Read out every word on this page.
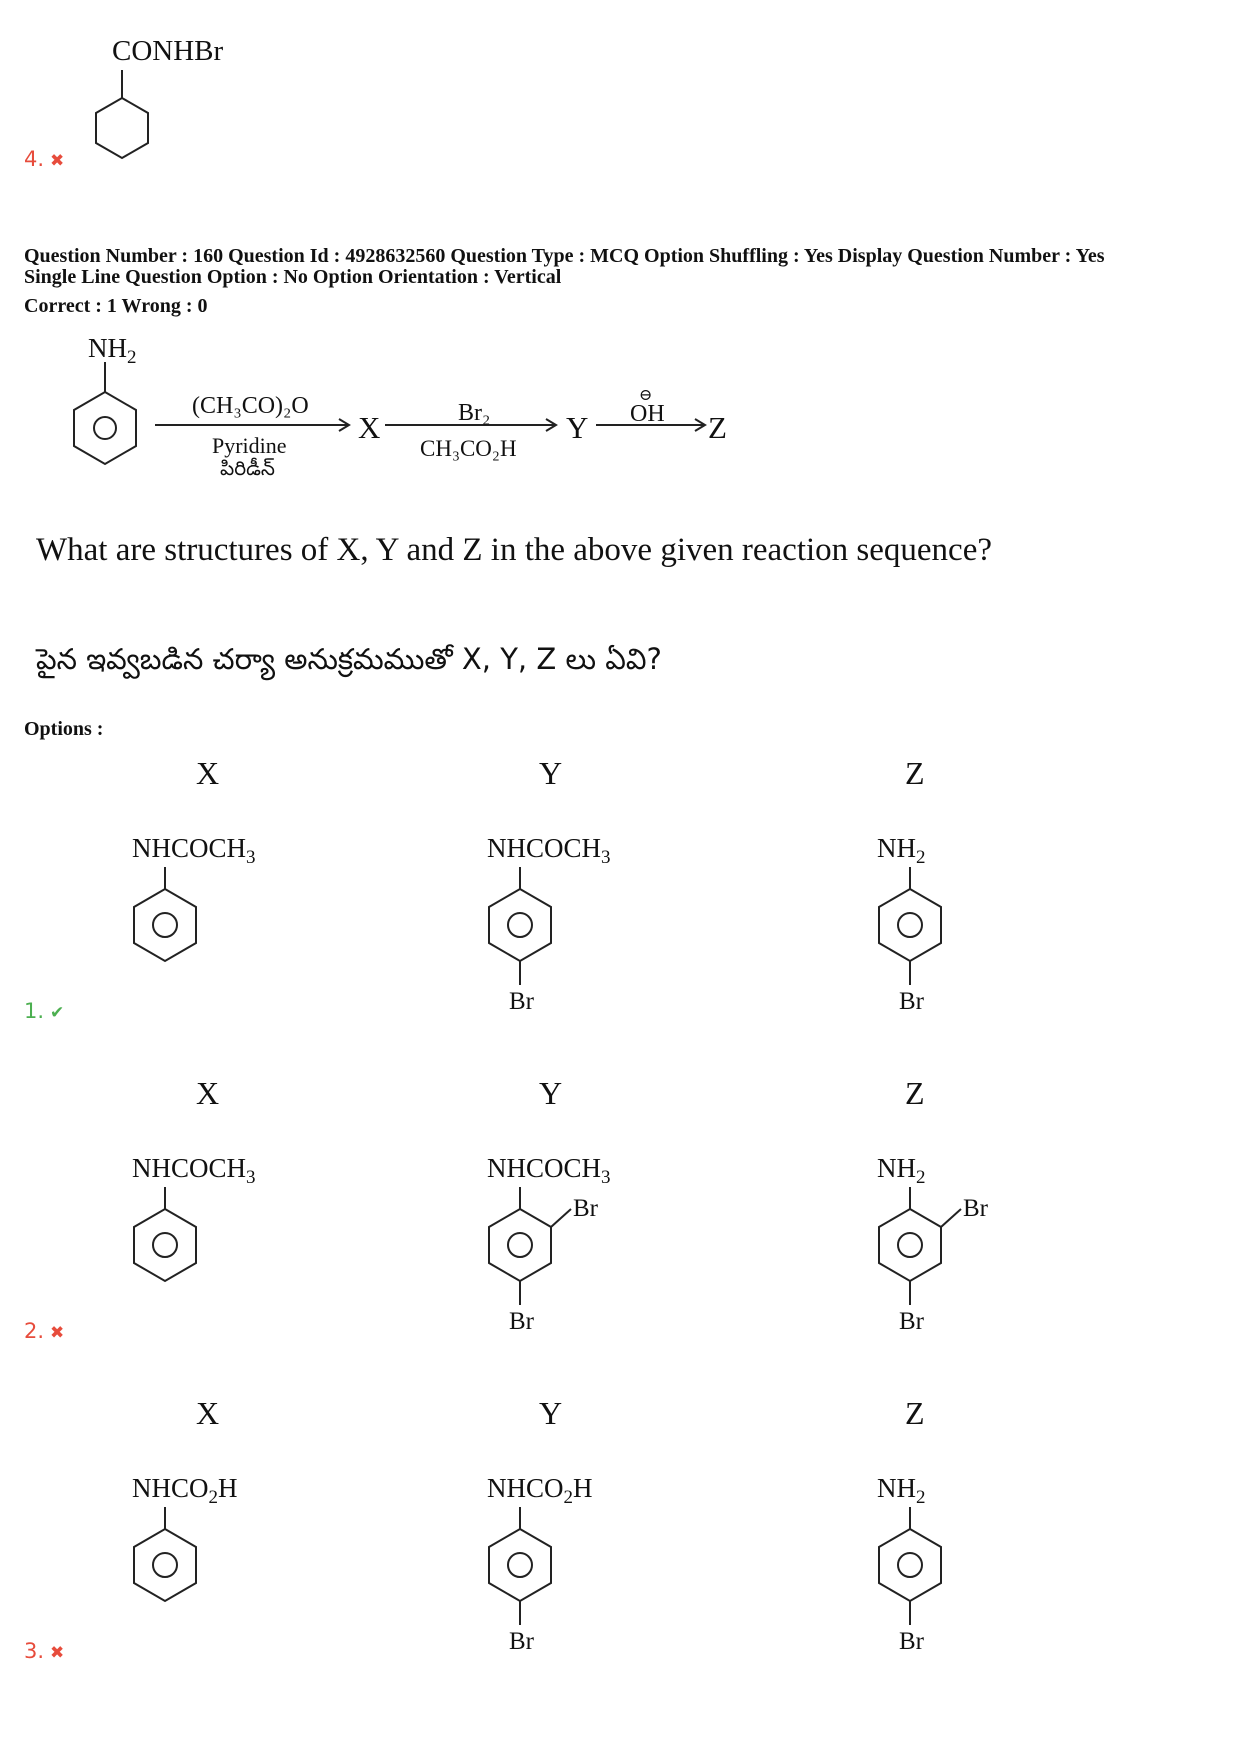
CONHBr
4. ✖
Question Number : 160 Question Id : 4928632560 Question Type : MCQ Option Shuffling : Yes Display Question Number : Yes
Single Line Question Option : No Option Orientation : Vertical
Correct : 1 Wrong : 0
$NH_2$
(CH₃CO)₂O
Pyridine
పిరిడీన్
X	Br₂
CH₃CO₂H
Y
⊖
OH Z
What are structures of X, Y and Z in the above given reaction sequence?
పైన ఇవ్వబడిన చర్యా అనుక్రమముతో X, Y, Z లు ఏవి?
Options :
X
$NHCOCH_3$
Y
$NHCOCH_3$
Br
Z
$NH_2$
Br
1. ✔
X
$NHCOCH_3$
Y
$NHCOCH_3$
Br
Br
Z
$NH_2$
Br
Br
2. ✖
X
$NHCO_2H$
Y
$NHCO_2H$
Br
Z
$NH_2$
Br
3. ✖
